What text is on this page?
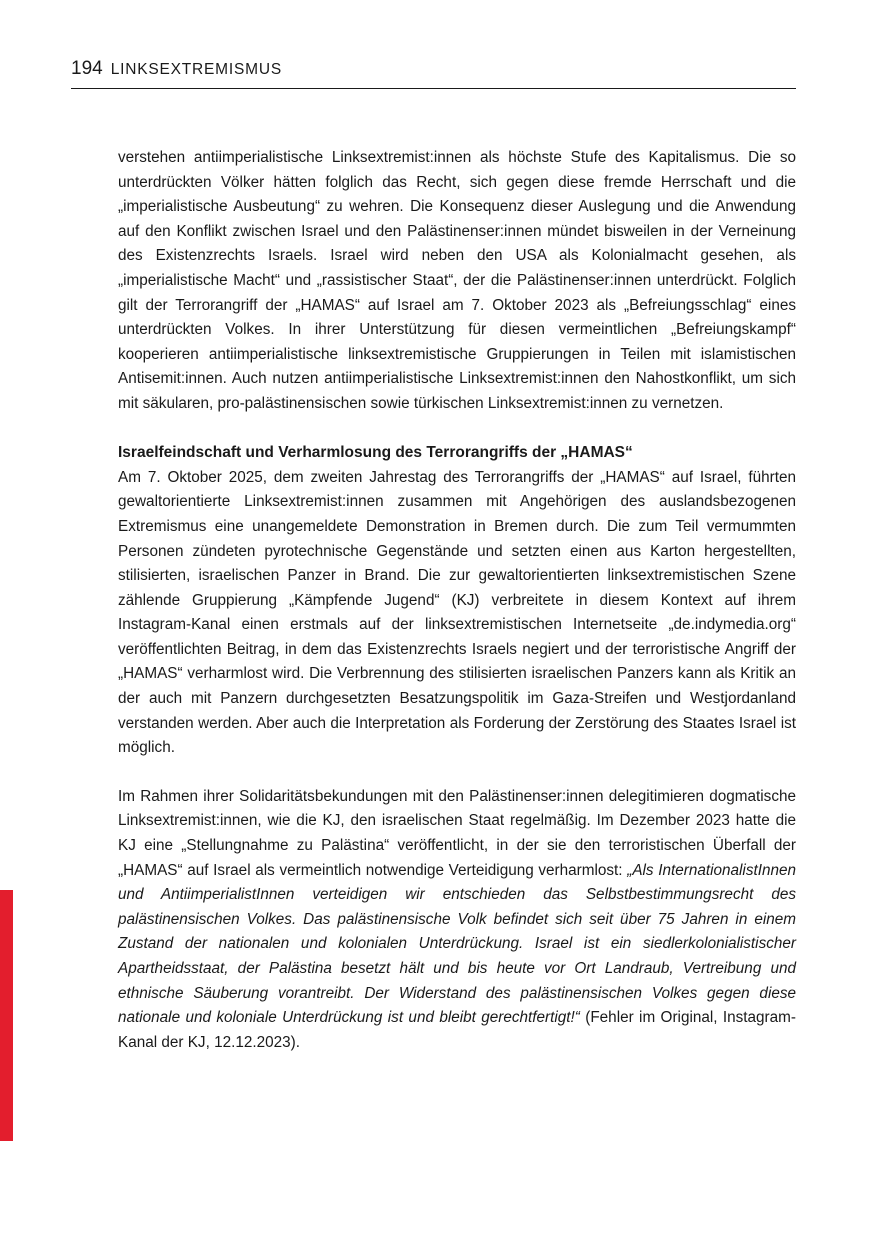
194 LINKSEXTREMISMUS

verstehen antiimperialistische Linksextremist:innen als höchste Stufe des Kapitalismus. Die so unterdrückten Völker hätten folglich das Recht, sich gegen diese fremde Herrschaft und die „imperialistische Ausbeutung“ zu wehren. Die Konsequenz dieser Auslegung und die Anwendung auf den Konflikt zwischen Israel und den Palästinenser:innen mündet bisweilen in der Verneinung des Existenzrechts Israels. Israel wird neben den USA als Kolonialmacht gesehen, als „imperialistische Macht“ und „rassistischer Staat“, der die Palästinenser:innen unterdrückt. Folglich gilt der Terrorangriff der „HAMAS“ auf Israel am 7. Oktober 2023 als „Befreiungsschlag“ eines unterdrückten Volkes. In ihrer Unterstützung für diesen vermeintlichen „Befreiungskampf“ kooperieren antiimperialistische linksextremistische Gruppierungen in Teilen mit islamistischen Antisemit:innen. Auch nutzen antiimperialistische Linksextremist:innen den Nahostkonflikt, um sich mit säkularen, pro-palästinensischen sowie türkischen Linksextremist:innen zu vernetzen.

Israelfeindschaft und Verharmlosung des Terrorangriffs der „HAMAS“

Am 7. Oktober 2025, dem zweiten Jahrestag des Terrorangriffs der „HAMAS“ auf Israel, führten gewaltorientierte Linksextremist:innen zusammen mit Angehörigen des auslandsbezogenen Extremismus eine unangemeldete Demonstration in Bremen durch. Die zum Teil vermummten Personen zündeten pyrotechnische Gegenstände und setzten einen aus Karton hergestellten, stilisierten, israelischen Panzer in Brand. Die zur gewaltorientierten linksextremistischen Szene zählende Gruppierung „Kämpfende Jugend“ (KJ) verbreitete in diesem Kontext auf ihrem Instagram-Kanal einen erstmals auf der linksextremistischen Internetseite „de.indymedia.org“ veröffentlichten Beitrag, in dem das Existenzrechts Israels negiert und der terroristische Angriff der „HAMAS“ verharmlost wird. Die Verbrennung des stilisierten israelischen Panzers kann als Kritik an der auch mit Panzern durchgesetzten Besatzungspolitik im Gaza-Streifen und Westjordanland verstanden werden. Aber auch die Interpretation als Forderung der Zerstörung des Staates Israel ist möglich.

Im Rahmen ihrer Solidaritätsbekundungen mit den Palästinenser:innen delegitimieren dogmatische Linksextremist:innen, wie die KJ, den israelischen Staat regelmäßig. Im Dezember 2023 hatte die KJ eine „Stellungnahme zu Palästina“ veröffentlicht, in der sie den terroristischen Überfall der „HAMAS“ auf Israel als vermeintlich notwendige Verteidigung verharmlost: „Als InternationalistInnen und AntiimperialistInnen verteidigen wir entschieden das Selbstbestimmungsrecht des palästinensischen Volkes. Das palästinensische Volk befindet sich seit über 75 Jahren in einem Zustand der nationalen und kolonialen Unterdrückung. Israel ist ein siedlerkolonialistischer Apartheidsstaat, der Palästina besetzt hält und bis heute vor Ort Landraub, Vertreibung und ethnische Säuberung vorantreibt. Der Widerstand des palästinensischen Volkes gegen diese nationale und koloniale Unterdrückung ist und bleibt gerechtfertigt!“ (Fehler im Original, Instagram-Kanal der KJ, 12.12.2023).
